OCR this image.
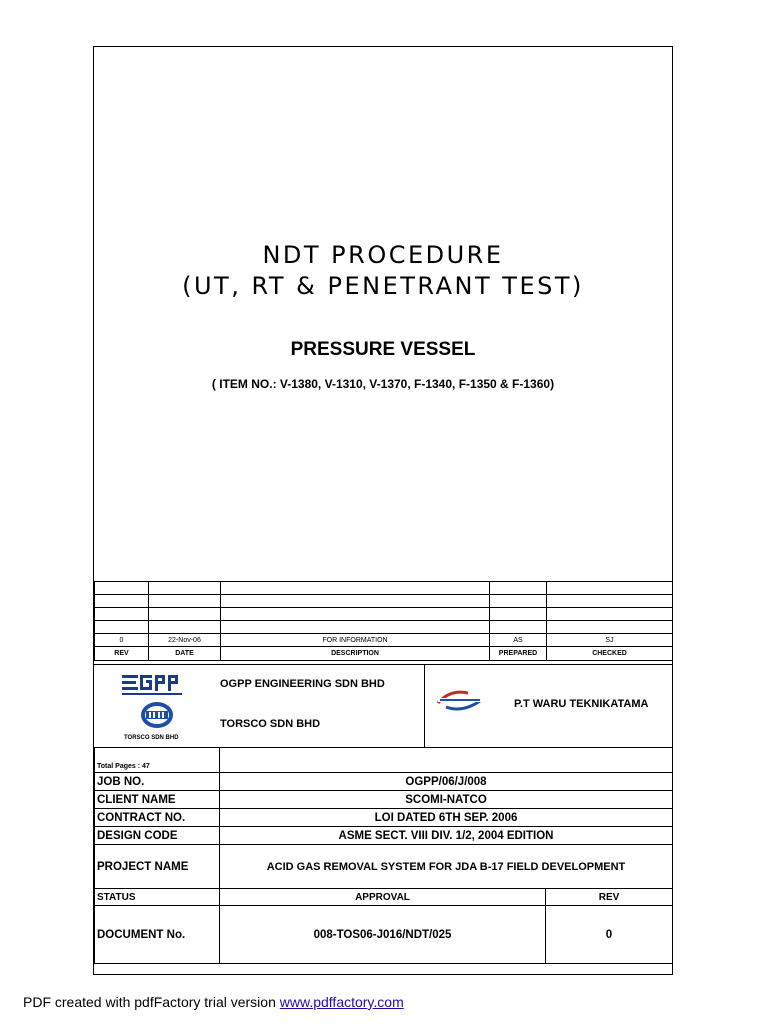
NDT PROCEDURE
(UT, RT & PENETRANT TEST)
PRESSURE VESSEL
( ITEM NO.: V-1380, V-1310, V-1370, F-1340, F-1350 & F-1360)

0	22-Nov-06	FOR INFORMATION	AS	SJ
REV	DATE	DESCRIPTION	PREPARED	CHECKED
TORSCO SDN BHD
OGPP ENGINEERING SDN BHD
TORSCO SDN BHD
P.T WARU TEKNIKATAMA
Total Pages : 47		
JOB NO.	OGPP/06/J/008	
CLIENT NAME	SCOMI-NATCO	
CONTRACT NO.	LOI DATED 6TH SEP. 2006	
DESIGN CODE	ASME SECT. VIII DIV. 1/2, 2004 EDITION	
PROJECT NAME	ACID GAS REMOVAL SYSTEM FOR JDA B-17 FIELD DEVELOPMENT	
STATUS	APPROVAL	REV
DOCUMENT No.	008-TOS06-J016/NDT/025	0
PDF created with pdfFactory trial version www.pdffactory.com
